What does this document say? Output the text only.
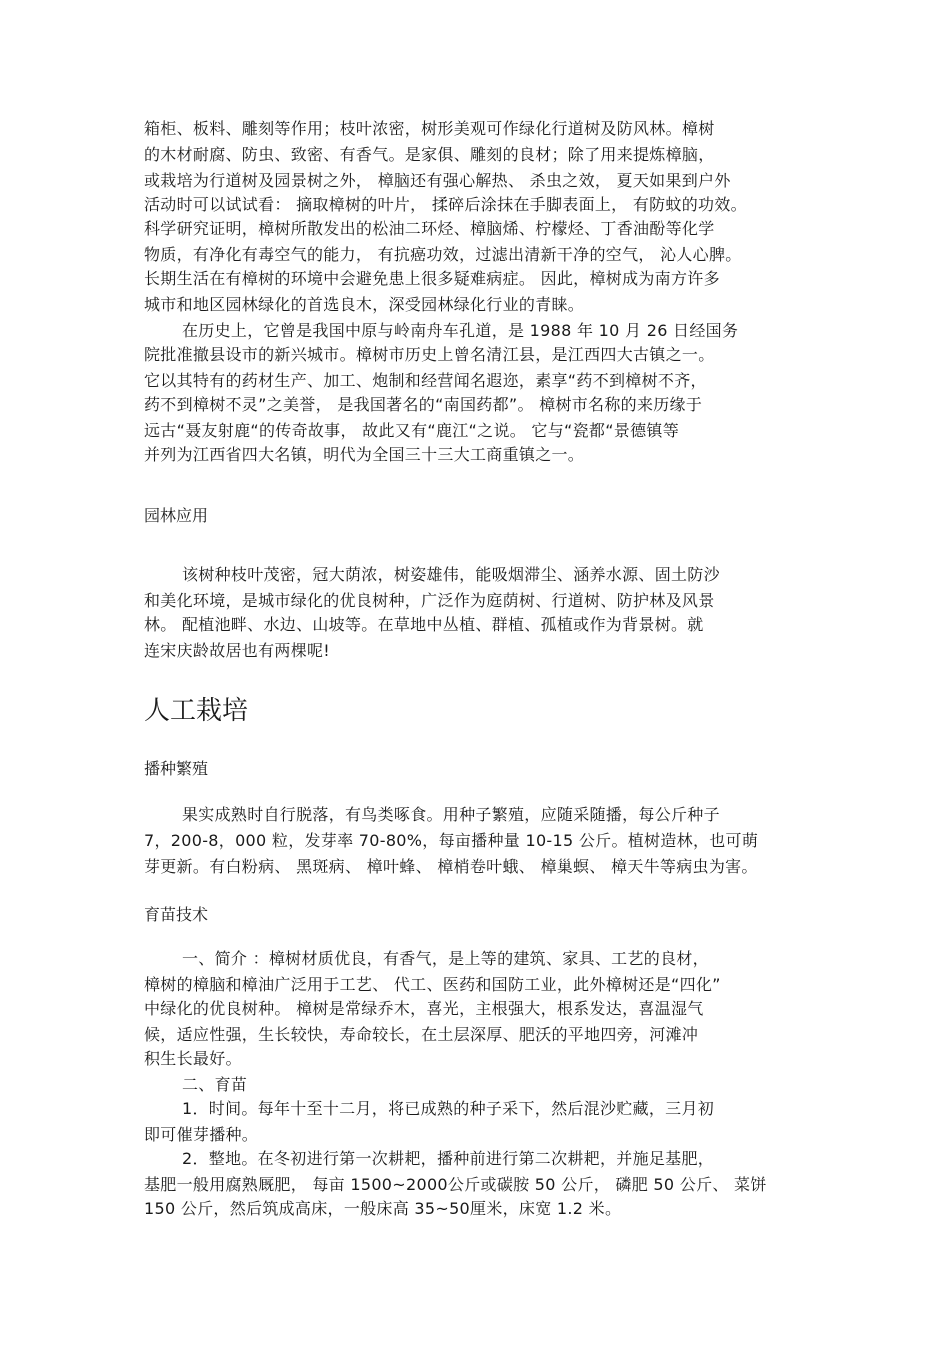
箱柜、板料、雕刻等作用；枝叶浓密，树形美观可作绿化行道树及防风林。樟树
的木材耐腐、防虫、致密、有香气。是家俱、雕刻的良材；除了用来提炼樟脑，
或栽培为行道树及园景树之外， 樟脑还有强心解热、 杀虫之效， 夏天如果到户外
活动时可以试试看： 摘取樟树的叶片， 揉碎后涂抹在手脚表面上， 有防蚊的功效。
科学研究证明，樟树所散发出的松油二环烃、樟脑烯、柠檬烃、丁香油酚等化学
物质，有净化有毒空气的能力， 有抗癌功效，过滤出清新干净的空气， 沁人心脾。
长期生活在有樟树的环境中会避免患上很多疑难病症。 因此，樟树成为南方许多
城市和地区园林绿化的首选良木，深受园林绿化行业的青睐。
在历史上，它曾是我国中原与岭南舟车孔道，是 1988 年 10 月 26 日经国务
院批准撤县设市的新兴城市。樟树市历史上曾名清江县，是江西四大古镇之一。
它以其特有的药材生产、加工、炮制和经营闻名遐迩，素享“药不到樟树不齐，
药不到樟树不灵”之美誉， 是我国著名的“南国药都”。 樟树市名称的来历缘于
远古“聂友射鹿“的传奇故事， 故此又有“鹿江“之说。 它与“瓷都“景德镇等
并列为江西省四大名镇，明代为全国三十三大工商重镇之一。
园林应用
该树种枝叶茂密，冠大荫浓，树姿雄伟，能吸烟滞尘、涵养水源、固土防沙
和美化环境，是城市绿化的优良树种，广泛作为庭荫树、行道树、防护林及风景
林。 配植池畔、水边、山坡等。在草地中丛植、群植、孤植或作为背景树。就
连宋庆龄故居也有两棵呢!
人工栽培
播种繁殖
果实成熟时自行脱落，有鸟类啄食。用种子繁殖，应随采随播，每公斤种子
7，200-8，000 粒，发芽率 70-80%，每亩播种量 10-15 公斤。植树造林，也可萌
芽更新。有白粉病、 黑斑病、 樟叶蜂、 樟梢卷叶蛾、 樟巢螟、 樟天牛等病虫为害。
育苗技术
一、简介 ：樟树材质优良，有香气，是上等的建筑、家具、工艺的良材，
樟树的樟脑和樟油广泛用于工艺、 代工、医药和国防工业，此外樟树还是“四化”
中绿化的优良树种。 樟树是常绿乔木，喜光，主根强大，根系发达，喜温湿气
候，适应性强，生长较快，寿命较长，在土层深厚、肥沃的平地四旁，河滩冲
积生长最好。
二、育苗
1．时间。每年十至十二月，将已成熟的种子采下，然后混沙贮藏，三月初
即可催芽播种。
2．整地。在冬初进行第一次耕耙，播种前进行第二次耕耙，并施足基肥，
基肥一般用腐熟厩肥， 每亩 1500~2000公斤或碳胺 50 公斤， 磷肥 50 公斤、 菜饼
150 公斤，然后筑成高床，一般床高 35~50厘米，床宽 1.2 米。
